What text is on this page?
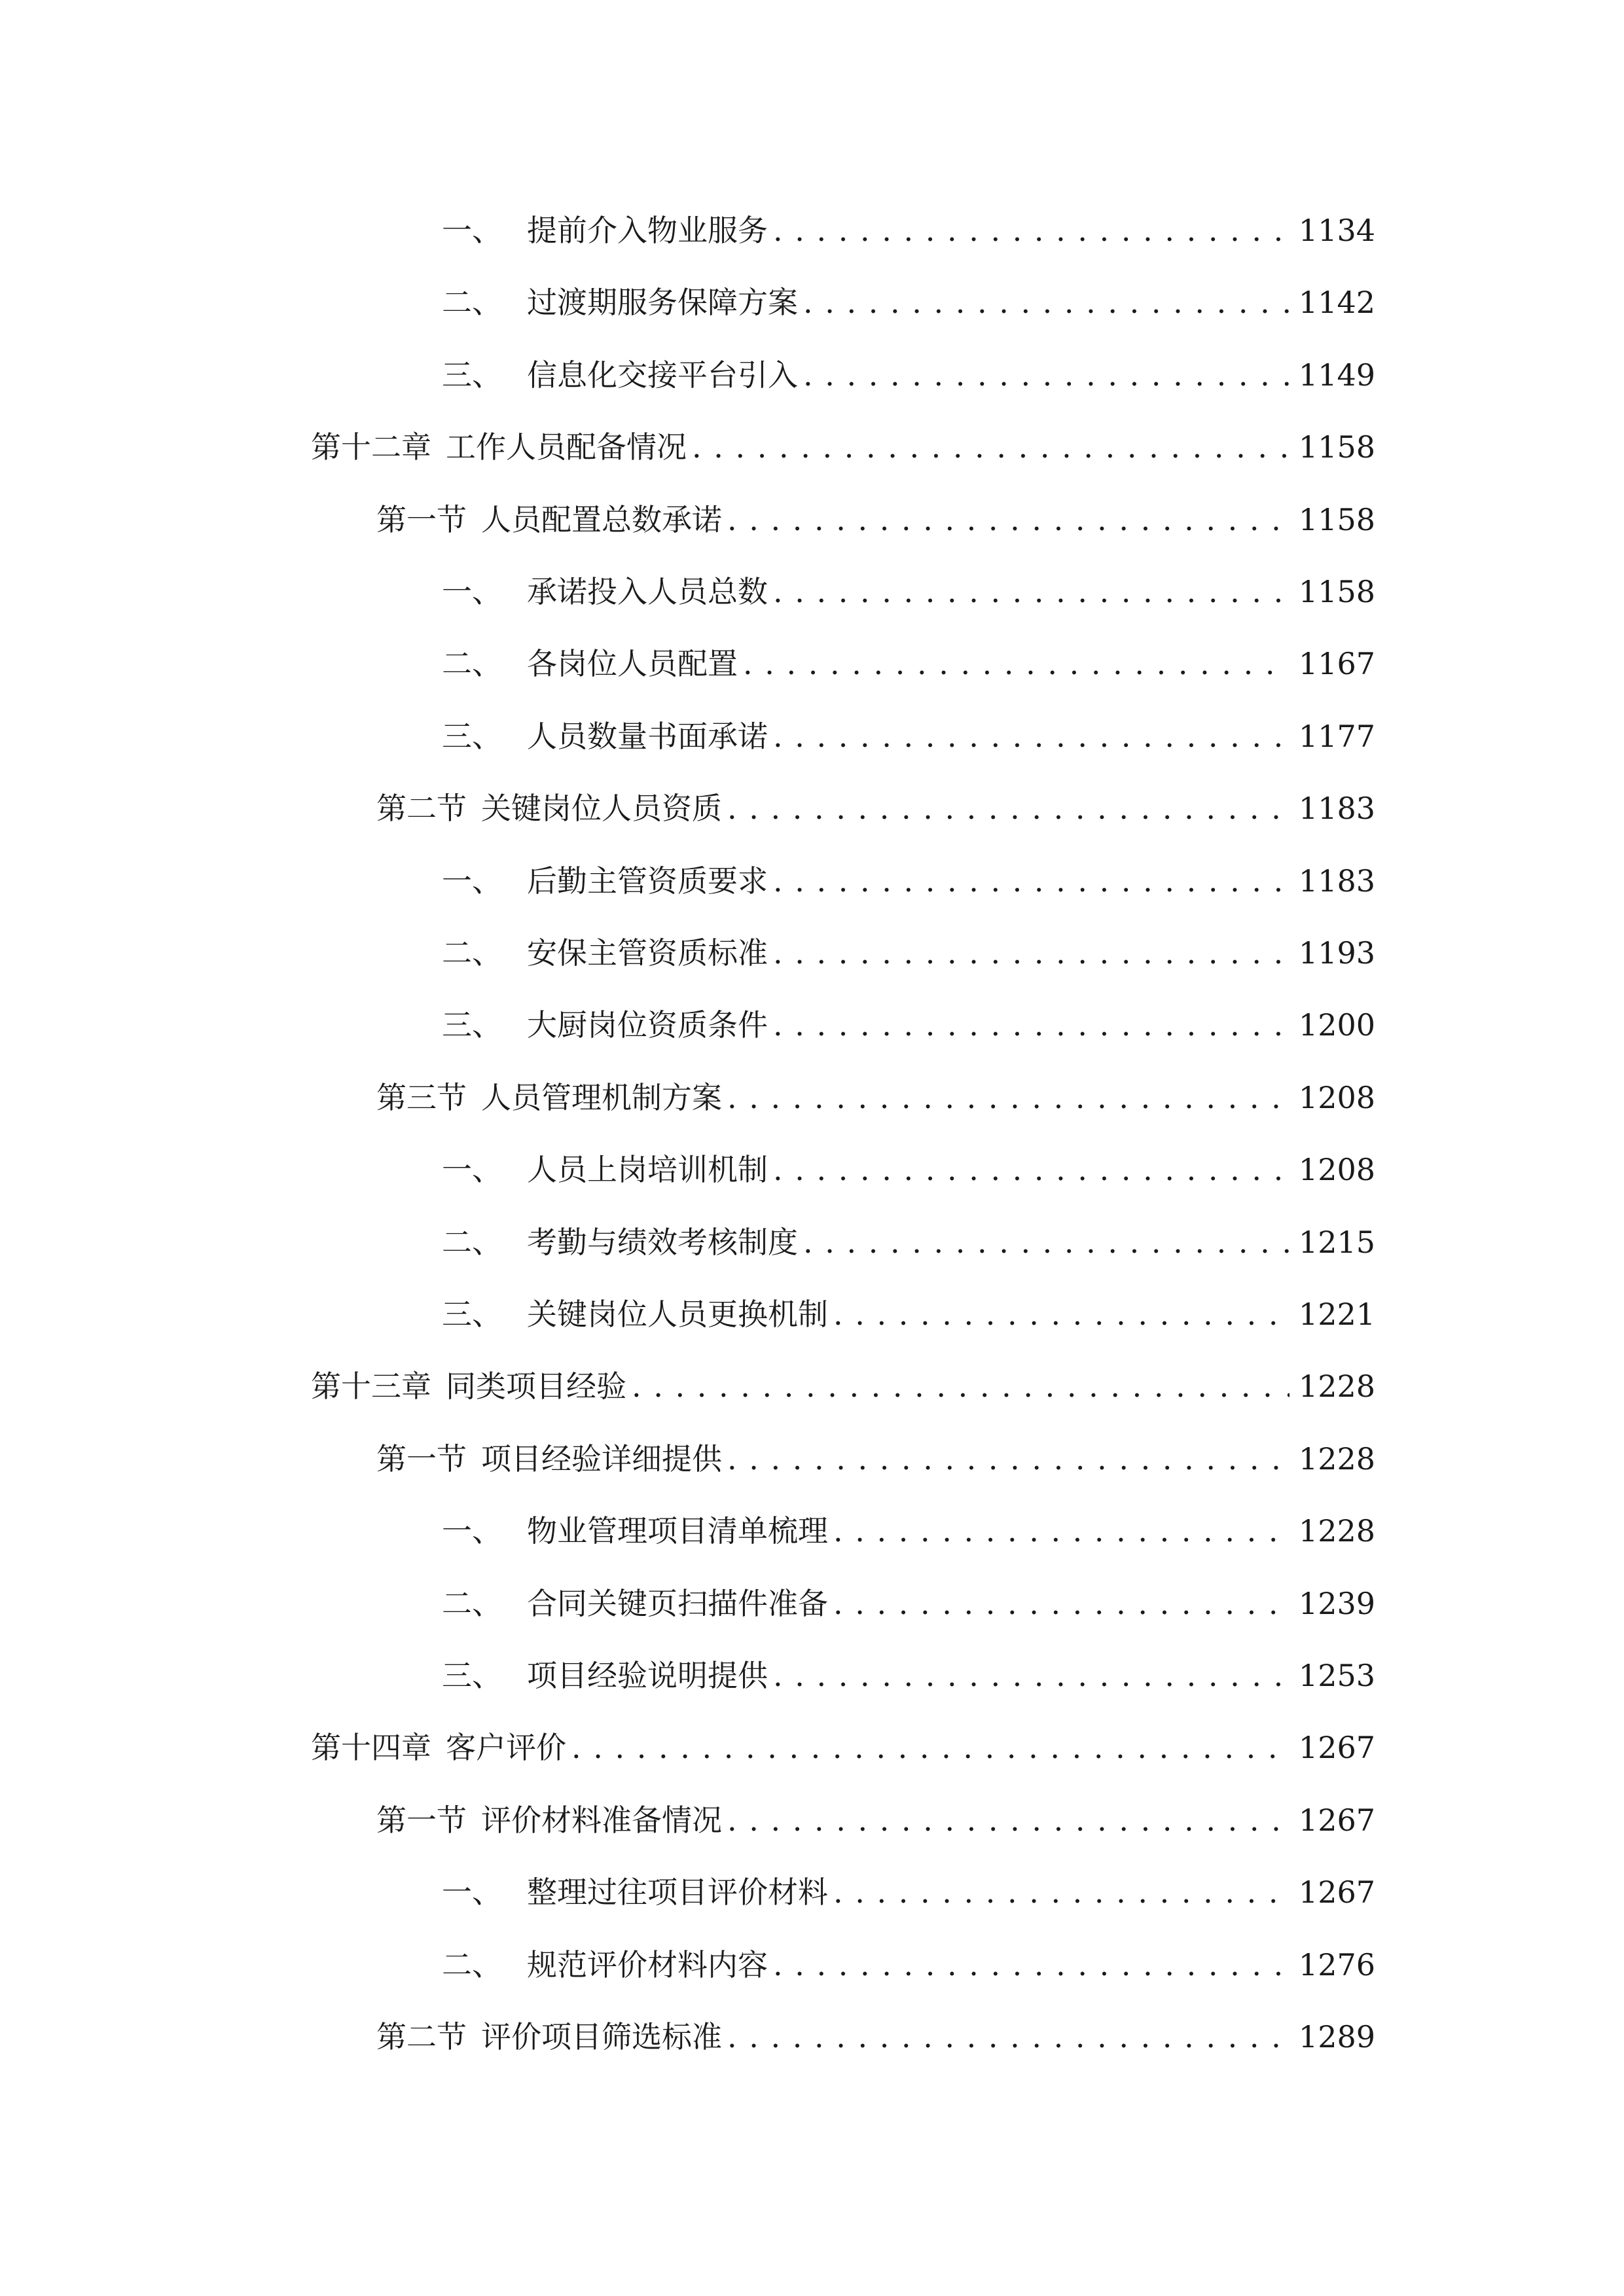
一、 提前介入物业服务 . . .	1134
二、 过渡期服务保障方案 . . .	1142
三、 信息化交接平台引入 . . .	1149
第十二章 工作人员配备情况 . . .	1158
第一节 人员配置总数承诺 . . .	1158
一、 承诺投入人员总数 . . .	1158
二、 各岗位人员配置 . . .	1167
三、 人员数量书面承诺 . . .	1177
第二节 关键岗位人员资质 . . .	1183
一、 后勤主管资质要求 . . .	1183
二、 安保主管资质标准 . . .	1193
三、 大厨岗位资质条件 . . .	1200
第三节 人员管理机制方案 . . .	1208
一、 人员上岗培训机制 . . .	1208
二、 考勤与绩效考核制度 . . .	1215
三、 关键岗位人员更换机制 . . .	1221
第十三章 同类项目经验 . . .	1228
第一节 项目经验详细提供 . . .	1228
一、 物业管理项目清单梳理 . . .	1228
二、 合同关键页扫描件准备 . . .	1239
三、 项目经验说明提供 . . .	1253
第十四章 客户评价 . . .	1267
第一节 评价材料准备情况 . . .	1267
一、 整理过往项目评价材料 . . .	1267
二、 规范评价材料内容 . . .	1276
第二节 评价项目筛选标准 . . .	1289
